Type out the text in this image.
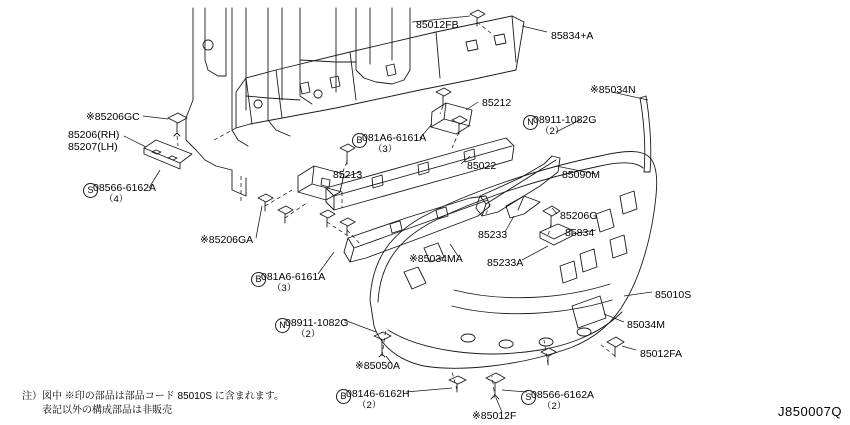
85012FB
85834+A
※85034N
85212
※85206GC	08911-1082G
（2）
85206(RH)
85207(LH)
081A6-6161A
（3）
85022
85090M
85213
08566-6162A
（4）
85206G
85834
85233
※85206GA
※85034MA 85233A
081A6-6161A
（3）
85010S
08911-1082G
（2）
85034M
85012FA
※85050A
08146-6162H
（2）
08566-6162A
（2）
※85012F
B
N
S
B
N
B	S
注）図中 ※印の部品は部品コード 85010S に含まれます。
　　表記以外の構成部品は非販売	J850007Q
